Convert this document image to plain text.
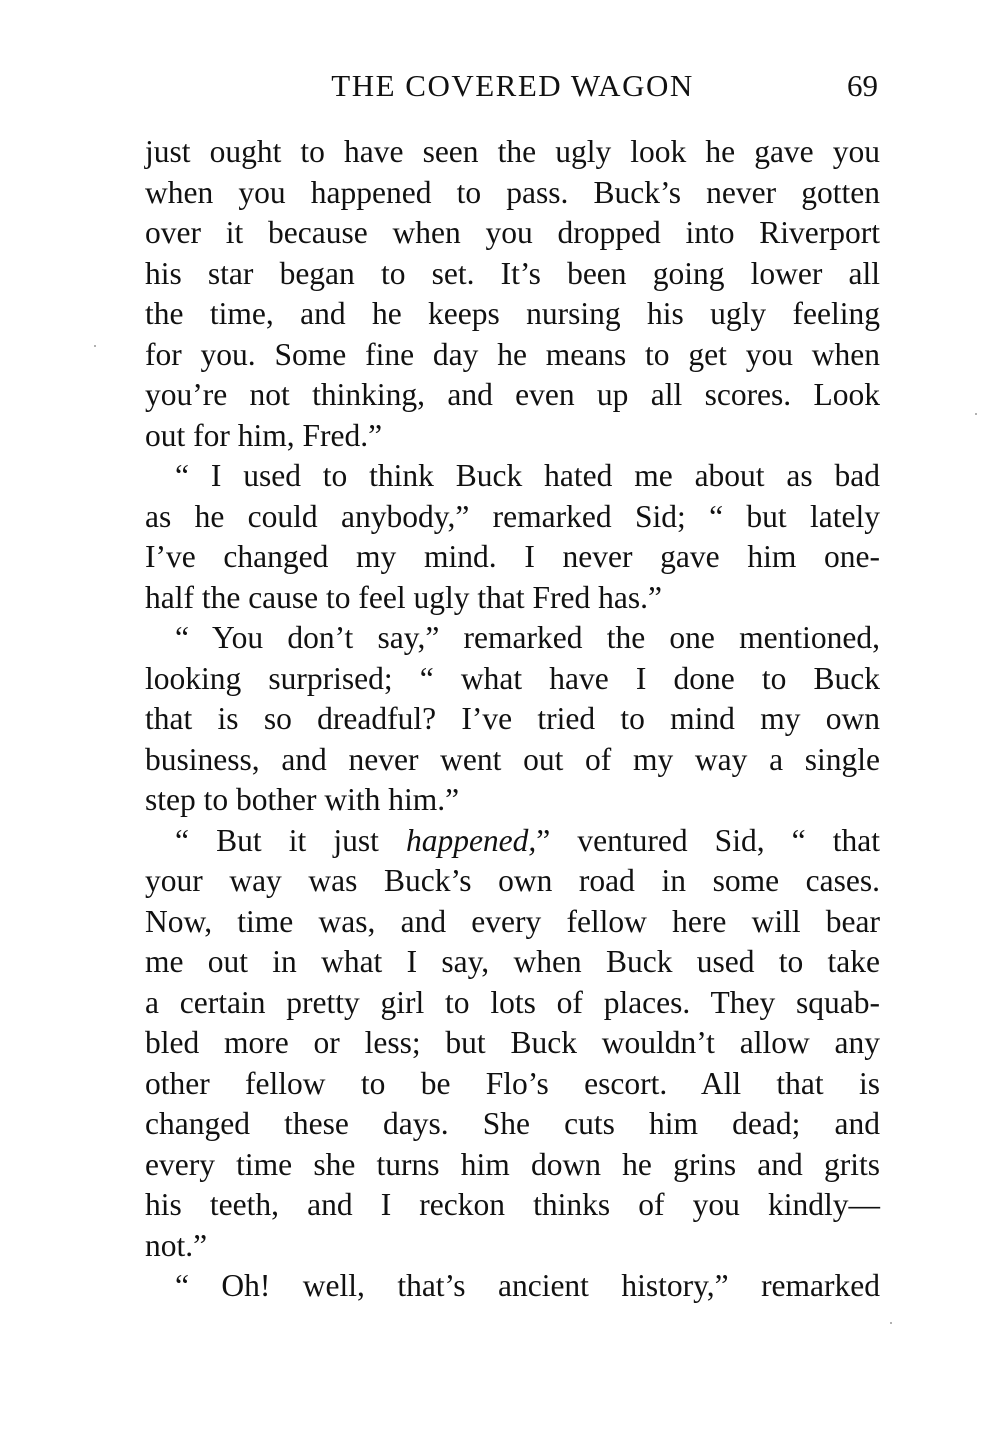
THE COVERED WAGON	69
just ought to have seen the ugly look he gave you
when you happened to pass. Buck’s never gotten
over it because when you dropped into Riverport
his star began to set. It’s been going lower all
the time, and he keeps nursing his ugly feeling
for you. Some fine day he means to get you when
you’re not thinking, and even up all scores. Look
out for him, Fred.”
“ I used to think Buck hated me about as bad
as he could anybody,” remarked Sid; “ but lately
I’ve changed my mind. I never gave him one-
half the cause to feel ugly that Fred has.”
“ You don’t say,” remarked the one mentioned,
looking surprised; “ what have I done to Buck
that is so dreadful? I’ve tried to mind my own
business, and never went out of my way a single
step to bother with him.”
“ But it just happened,” ventured Sid, “ that
your way was Buck’s own road in some cases.
Now, time was, and every fellow here will bear
me out in what I say, when Buck used to take
a certain pretty girl to lots of places. They squab-
bled more or less; but Buck wouldn’t allow any
other fellow to be Flo’s escort. All that is
changed these days. She cuts him dead; and
every time she turns him down he grins and grits
his teeth, and I reckon thinks of you kindly—
not.”
“ Oh! well, that’s ancient history,” remarked
